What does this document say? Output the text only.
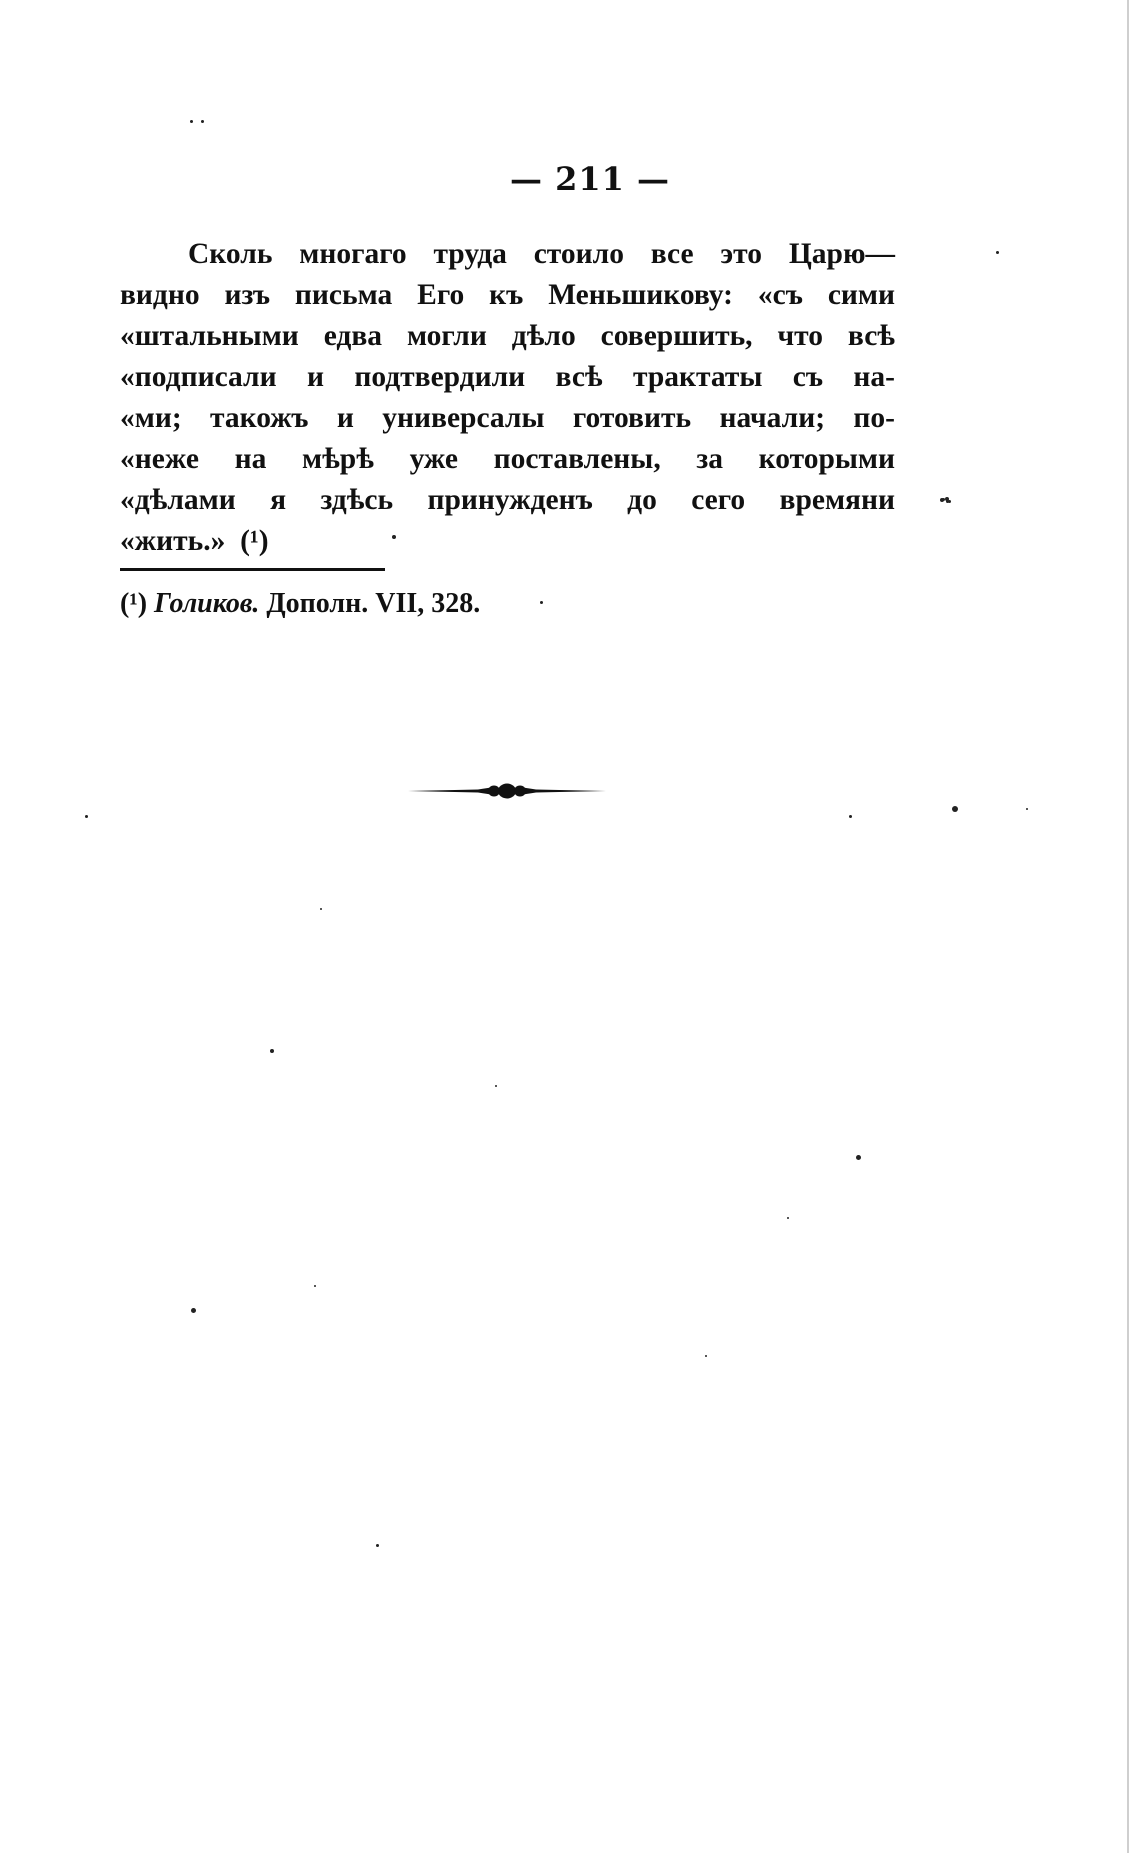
— 211 —
Сколь многаго труда стоило все это Царю—
видно изъ письма Его къ Меньшикову: «съ сими
«штальными едва могли дѣло совершить, что всѣ
«подписали и подтвердили всѣ трактаты съ на-
«ми; такожъ и универсалы готовить начали; по-
«неже на мѣрѣ уже поставлены, за которыми
«дѣлами я здѣсь принужденъ до сего времяни
«жить.» (¹)
(¹) Голиков. Дополн. VII, 328.
